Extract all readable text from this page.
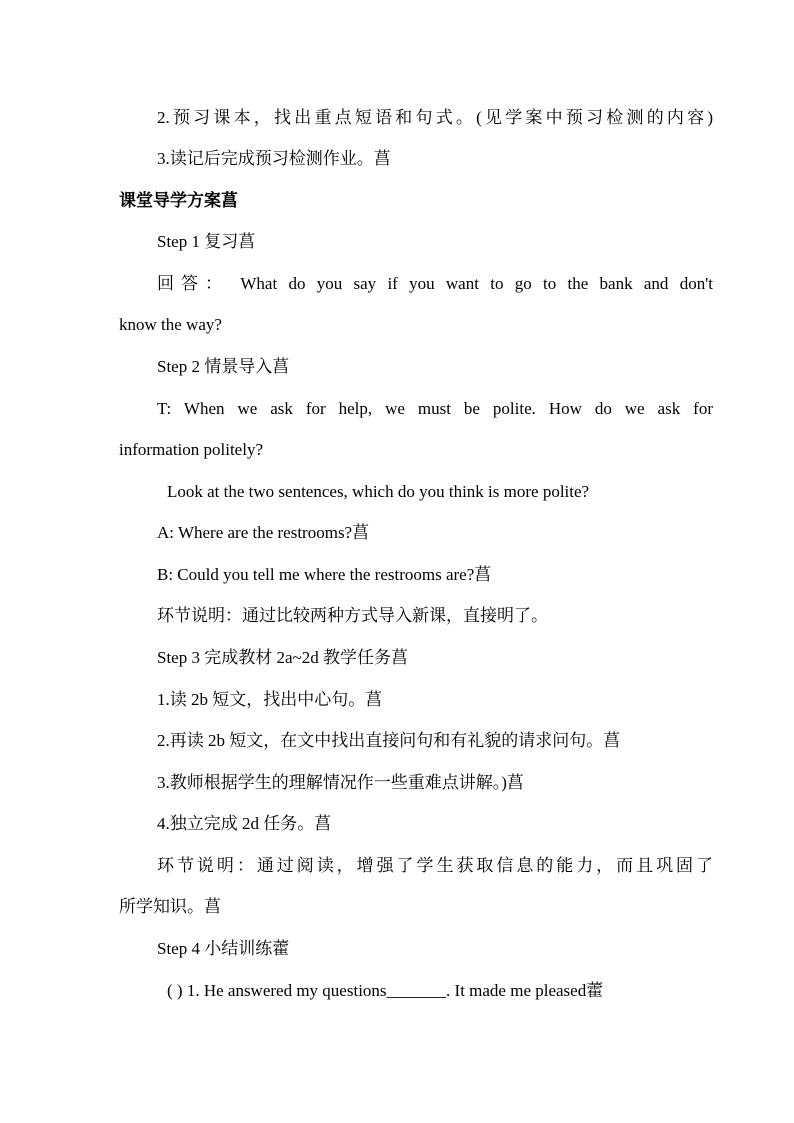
2.预习课本，找出重点短语和句式。(见学案中预习检测的内容)
3.读记后完成预习检测作业。菖
课堂导学方案菖
Step 1 复习菖
回答： What do you say if you want to go to the bank and don't
know the way?
Step 2 情景导入菖
T: When we ask for help, we must be polite. How do we ask for
information politely?
Look at the two sentences, which do you think is more polite?
A: Where are the restrooms?菖
B: Could you tell me where the restrooms are?菖
环节说明：通过比较两种方式导入新课，直接明了。
Step 3 完成教材 2a~2d 教学任务菖
1.读 2b 短文，找出中心句。菖
2.再读 2b 短文，在文中找出直接问句和有礼貌的请求问句。菖
3.教师根据学生的理解情况作一些重难点讲解。)菖
4.独立完成 2d 任务。菖
环节说明：通过阅读，增强了学生获取信息的能力，而且巩固了
所学知识。菖
Step 4 小结训练藿
( ) 1. He answered my questions_______. It made me pleased藿
